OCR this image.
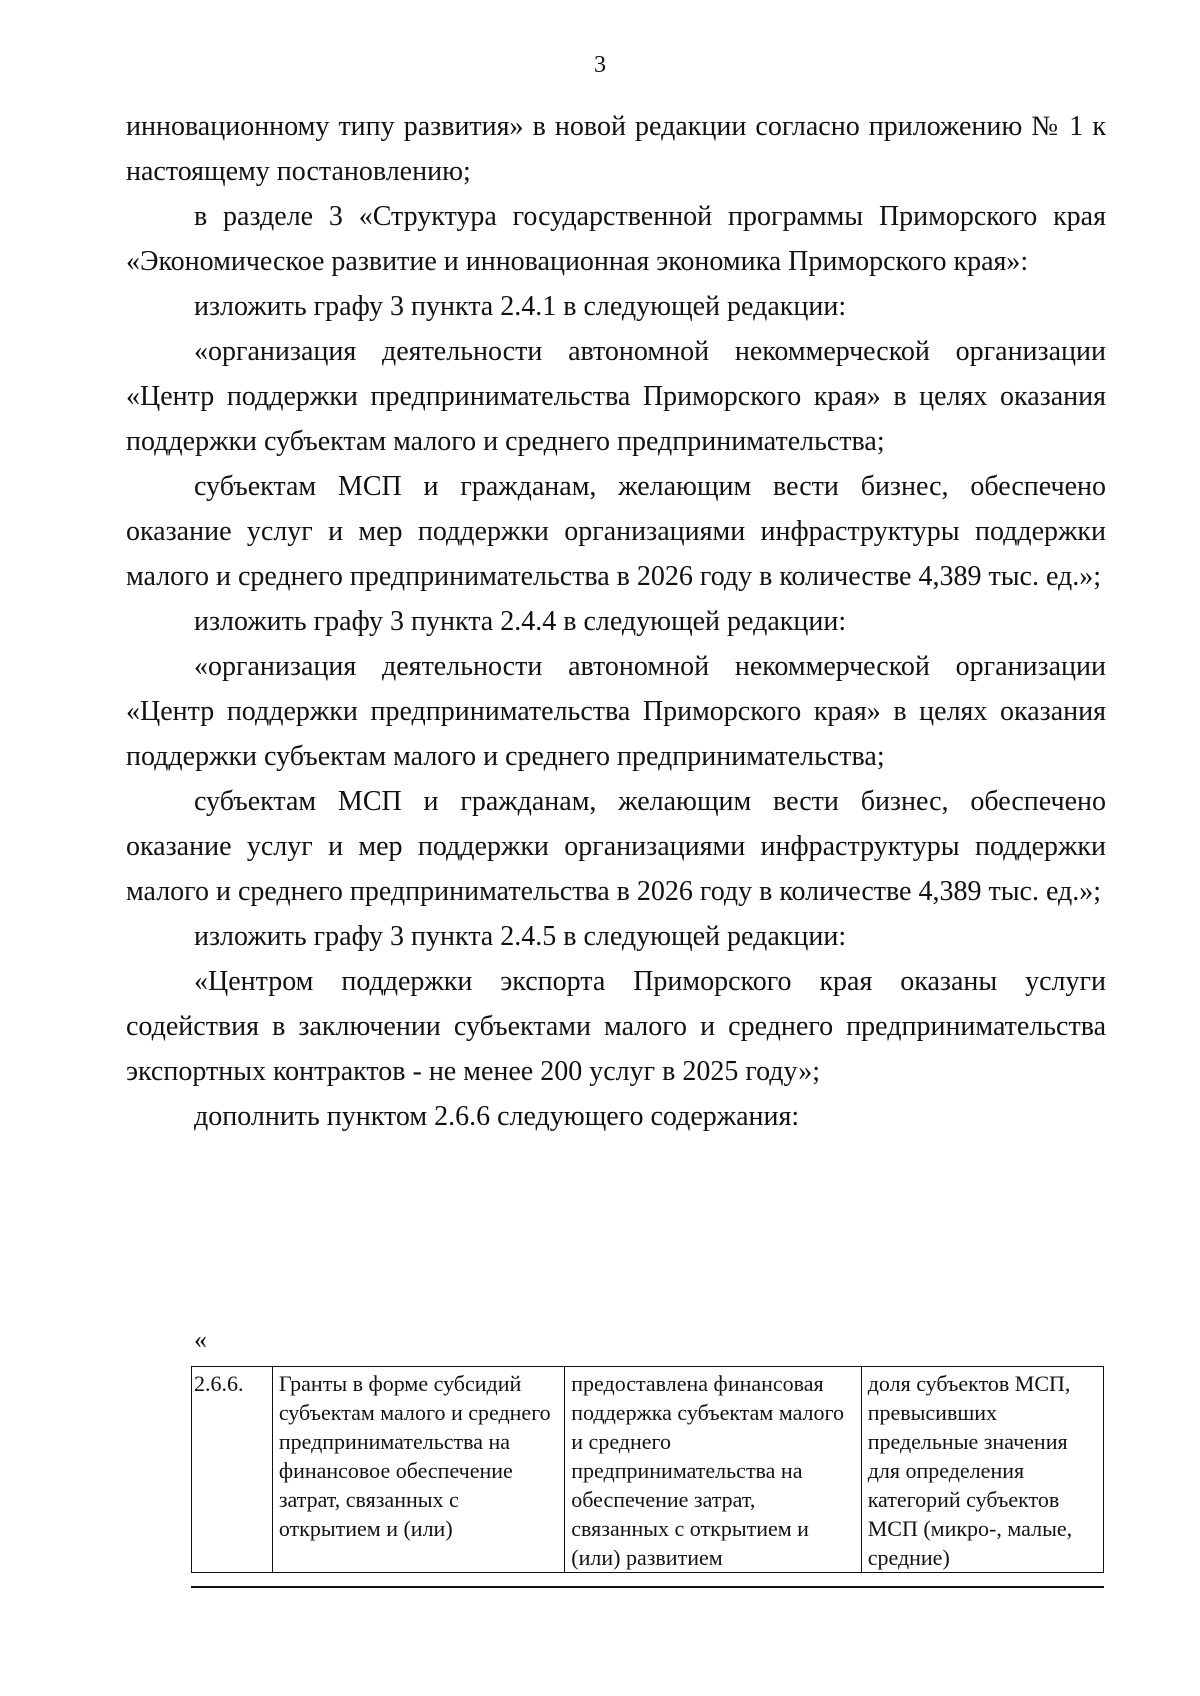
3

инновационному типу развития» в новой редакции согласно приложению № 1 к настоящему постановлению;

в разделе 3 «Структура государственной программы Приморского края «Экономическое развитие и инновационная экономика Приморского края»:

изложить графу 3 пункта 2.4.1 в следующей редакции:

«организация деятельности автономной некоммерческой организации «Центр поддержки предпринимательства Приморского края» в целях оказания поддержки субъектам малого и среднего предпринимательства;

субъектам МСП и гражданам, желающим вести бизнес, обеспечено оказание услуг и мер поддержки организациями инфраструктуры поддержки малого и среднего предпринимательства в 2026 году в количестве 4,389 тыс. ед.»;

изложить графу 3 пункта 2.4.4 в следующей редакции:

«организация деятельности автономной некоммерческой организации «Центр поддержки предпринимательства Приморского края» в целях оказания поддержки субъектам малого и среднего предпринимательства;

субъектам МСП и гражданам, желающим вести бизнес, обеспечено оказание услуг и мер поддержки организациями инфраструктуры поддержки малого и среднего предпринимательства в 2026 году в количестве 4,389 тыс. ед.»;

изложить графу 3 пункта 2.4.5 в следующей редакции:

«Центром поддержки экспорта Приморского края оказаны услуги содействия в заключении субъектами малого и среднего предпринимательства экспортных контрактов - не менее 200 услуг в 2025 году»;

дополнить пунктом 2.6.6 следующего содержания:

«
2.6.6.	Гранты в форме субсидий субъектам малого и среднего предпринимательства на финансовое обеспечение затрат, связанных с открытием и (или)	предоставлена финансовая поддержка субъектам малого и среднего предпринимательства на обеспечение затрат, связанных с открытием и (или) развитием	доля субъектов МСП, превысивших предельные значения для определения категорий субъектов МСП (микро-, малые, средние)
